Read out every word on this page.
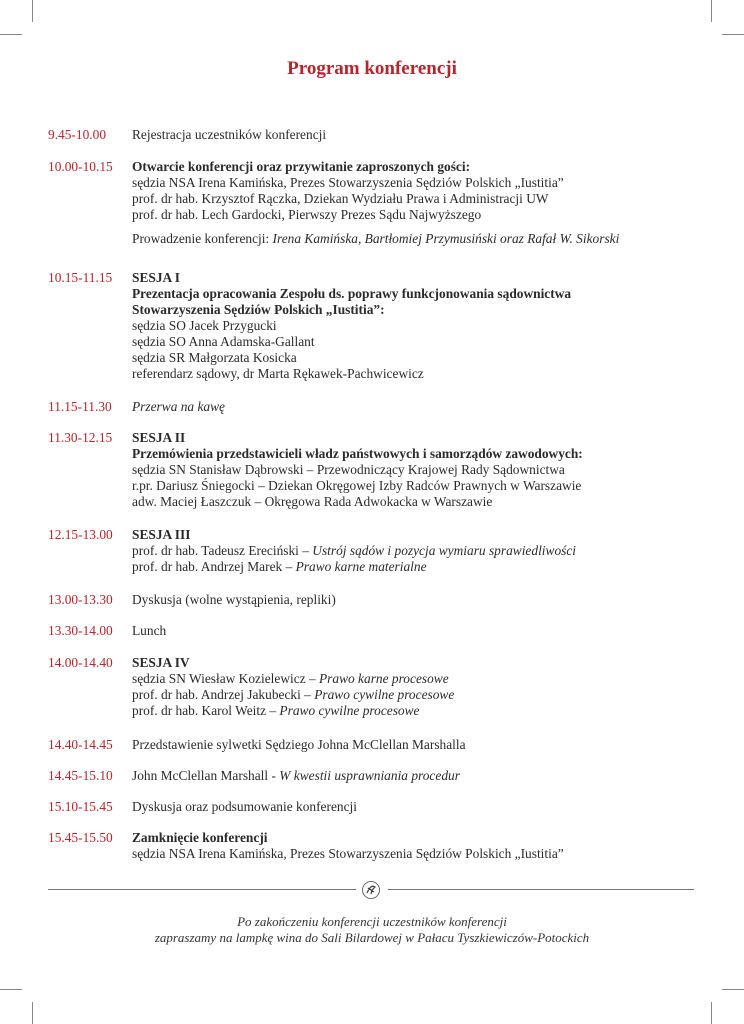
Program konferencji
9.45-10.00	Rejestracja uczestników konferencji
10.00-10.15	Otwarcie konferencji oraz przywitanie zaproszonych gości:
sędzia NSA Irena Kamińska, Prezes Stowarzyszenia Sędziów Polskich „Iustitia”
prof. dr hab. Krzysztof Rączka, Dziekan Wydziału Prawa i Administracji UW
prof. dr hab. Lech Gardocki, Pierwszy Prezes Sądu Najwyższego
Prowadzenie konferencji: Irena Kamińska, Bartłomiej Przymusiński oraz Rafał W. Sikorski
10.15-11.15	SESJA I
Prezentacja opracowania Zespołu ds. poprawy funkcjonowania sądownictwa
Stowarzyszenia Sędziów Polskich „Iustitia”:
sędzia SO Jacek Przygucki
sędzia SO Anna Adamska-Gallant
sędzia SR Małgorzata Kosicka
referendarz sądowy, dr Marta Rękawek-Pachwicewicz
11.15-11.30	Przerwa na kawę
11.30-12.15	SESJA II
Przemówienia przedstawicieli władz państwowych i samorządów zawodowych:
sędzia SN Stanisław Dąbrowski – Przewodniczący Krajowej Rady Sądownictwa
r.pr. Dariusz Śniegocki – Dziekan Okręgowej Izby Radców Prawnych w Warszawie
adw. Maciej Łaszczuk – Okręgowa Rada Adwokacka w Warszawie
12.15-13.00	SESJA III
prof. dr hab. Tadeusz Ereciński – Ustrój sądów i pozycja wymiaru sprawiedliwości
prof. dr hab. Andrzej Marek – Prawo karne materialne
13.00-13.30	Dyskusja (wolne wystąpienia, repliki)
13.30-14.00	Lunch
14.00-14.40	SESJA IV
sędzia SN Wiesław Kozielewicz – Prawo karne procesowe
prof. dr hab. Andrzej Jakubecki – Prawo cywilne procesowe
prof. dr hab. Karol Weitz – Prawo cywilne procesowe
14.40-14.45	Przedstawienie sylwetki Sędziego Johna McClellan Marshalla
14.45-15.10	John McClellan Marshall - W kwestii usprawniania procedur
15.10-15.45	Dyskusja oraz podsumowanie konferencji
15.45-15.50	Zamknięcie konferencji
sędzia NSA Irena Kamińska, Prezes Stowarzyszenia Sędziów Polskich „Iustitia”
Po zakończeniu konferencji uczestników konferencji
zapraszamy na lampkę wina do Sali Bilardowej w Pałacu Tyszkiewiczów-Potockich
